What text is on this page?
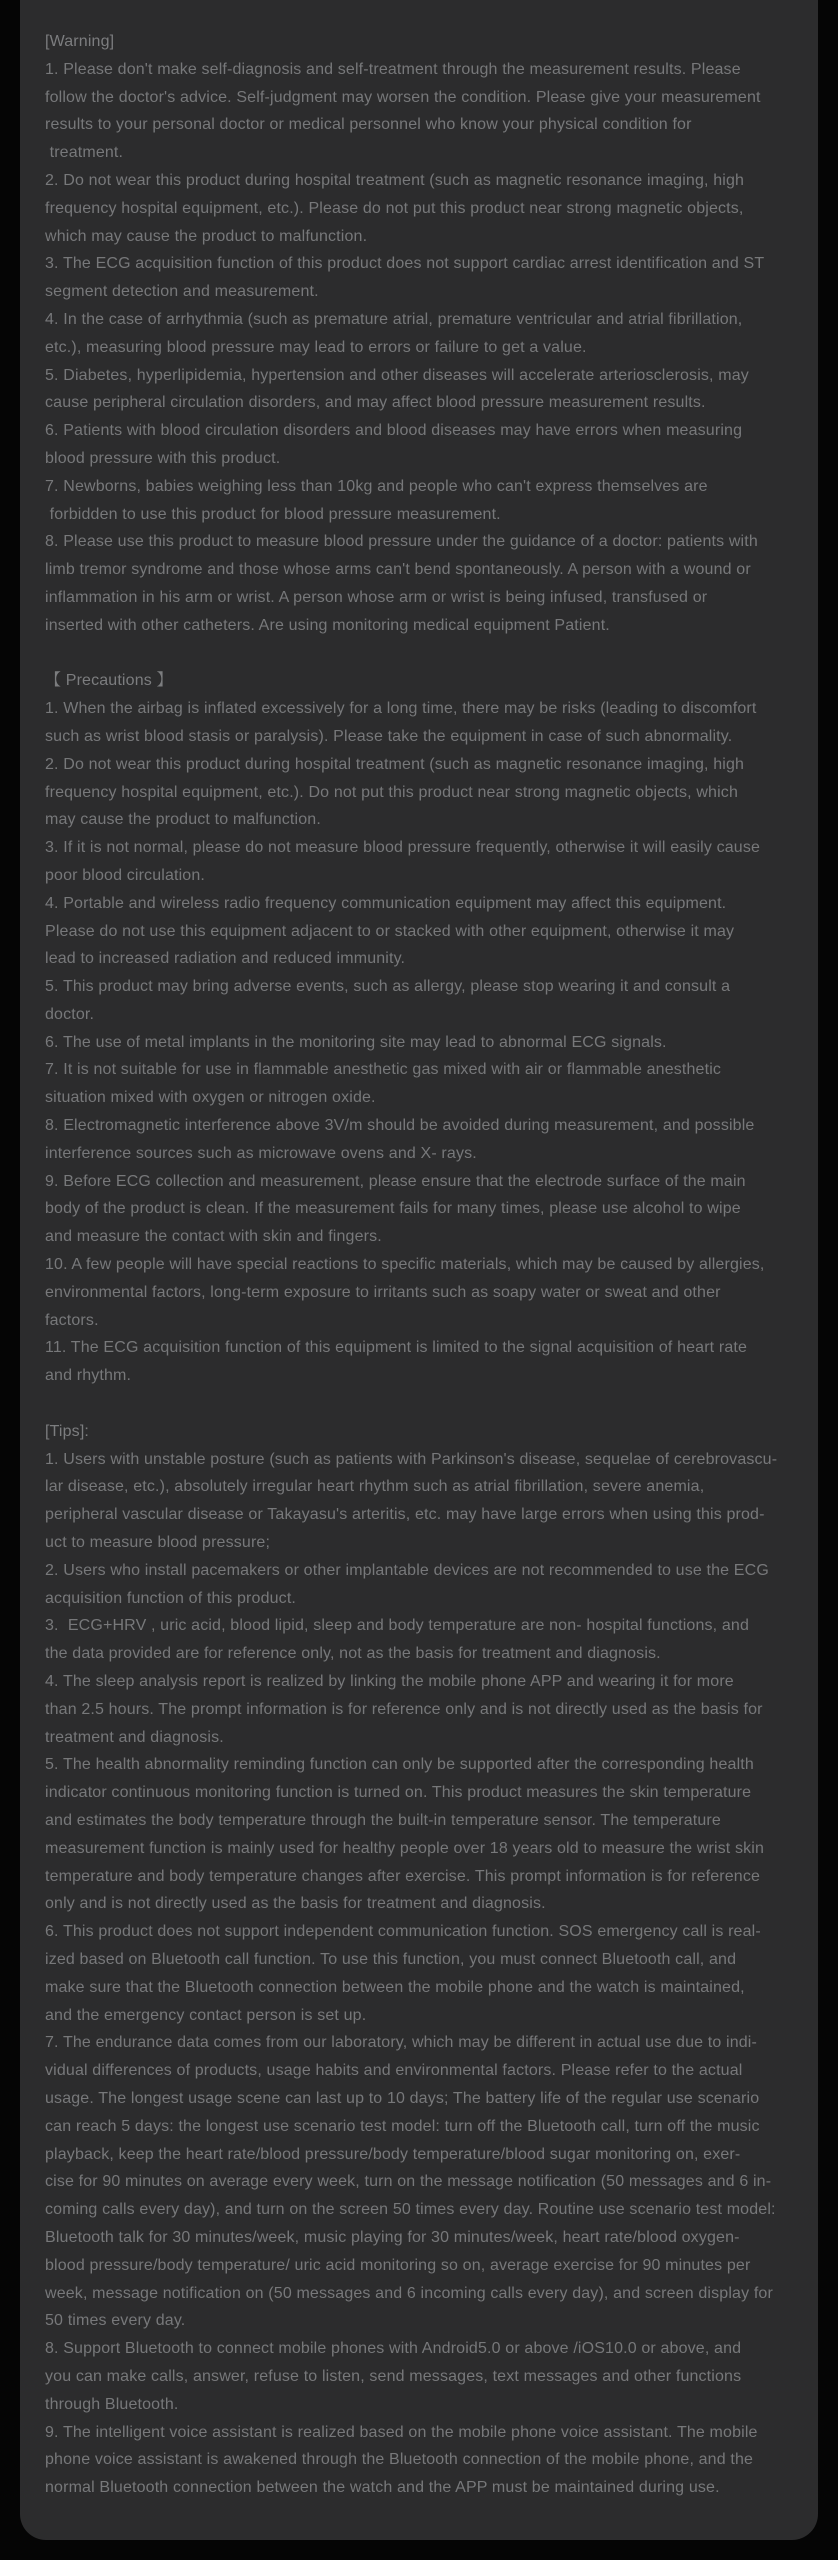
[Warning]
1. Please don't make self-diagnosis and self-treatment through the measurement results. Please
follow the doctor's advice. Self-judgment may worsen the condition. Please give your measurement
results to your personal doctor or medical personnel who know your physical condition for
treatment.
2. Do not wear this product during hospital treatment (such as magnetic resonance imaging, high
frequency hospital equipment, etc.). Please do not put this product near strong magnetic objects,
which may cause the product to malfunction.
3. The ECG acquisition function of this product does not support cardiac arrest identification and ST
segment detection and measurement.
4. In the case of arrhythmia (such as premature atrial, premature ventricular and atrial fibrillation,
etc.), measuring blood pressure may lead to errors or failure to get a value.
5. Diabetes, hyperlipidemia, hypertension and other diseases will accelerate arteriosclerosis, may
cause peripheral circulation disorders, and may affect blood pressure measurement results.
6. Patients with blood circulation disorders and blood diseases may have errors when measuring
blood pressure with this product.
7. Newborns, babies weighing less than 10kg and people who can't express themselves are
forbidden to use this product for blood pressure measurement.
8. Please use this product to measure blood pressure under the guidance of a doctor: patients with
limb tremor syndrome and those whose arms can't bend spontaneously. A person with a wound or
inflammation in his arm or wrist. A person whose arm or wrist is being infused, transfused or
inserted with other catheters. Are using monitoring medical equipment Patient.
【 Precautions 】
1. When the airbag is inflated excessively for a long time, there may be risks (leading to discomfort
such as wrist blood stasis or paralysis). Please take the equipment in case of such abnormality.
2. Do not wear this product during hospital treatment (such as magnetic resonance imaging, high
frequency hospital equipment, etc.). Do not put this product near strong magnetic objects, which
may cause the product to malfunction.
3. If it is not normal, please do not measure blood pressure frequently, otherwise it will easily cause
poor blood circulation.
4. Portable and wireless radio frequency communication equipment may affect this equipment.
Please do not use this equipment adjacent to or stacked with other equipment, otherwise it may
lead to increased radiation and reduced immunity.
5. This product may bring adverse events, such as allergy, please stop wearing it and consult a
doctor.
6. The use of metal implants in the monitoring site may lead to abnormal ECG signals.
7. It is not suitable for use in flammable anesthetic gas mixed with air or flammable anesthetic
situation mixed with oxygen or nitrogen oxide.
8. Electromagnetic interference above 3V/m should be avoided during measurement, and possible
interference sources such as microwave ovens and X- rays.
9. Before ECG collection and measurement, please ensure that the electrode surface of the main
body of the product is clean. If the measurement fails for many times, please use alcohol to wipe
and measure the contact with skin and fingers.
10. A few people will have special reactions to specific materials, which may be caused by allergies,
environmental factors, long-term exposure to irritants such as soapy water or sweat and other
factors.
11. The ECG acquisition function of this equipment is limited to the signal acquisition of heart rate
and rhythm.
[Tips]:
1. Users with unstable posture (such as patients with Parkinson's disease, sequelae of cerebrovascu-
lar disease, etc.), absolutely irregular heart rhythm such as atrial fibrillation, severe anemia,
peripheral vascular disease or Takayasu's arteritis, etc. may have large errors when using this prod-
uct to measure blood pressure;
2. Users who install pacemakers or other implantable devices are not recommended to use the ECG
acquisition function of this product.
3.  ECG+HRV , uric acid, blood lipid, sleep and body temperature are non- hospital functions, and
the data provided are for reference only, not as the basis for treatment and diagnosis.
4. The sleep analysis report is realized by linking the mobile phone APP and wearing it for more
than 2.5 hours. The prompt information is for reference only and is not directly used as the basis for
treatment and diagnosis.
5. The health abnormality reminding function can only be supported after the corresponding health
indicator continuous monitoring function is turned on. This product measures the skin temperature
and estimates the body temperature through the built-in temperature sensor. The temperature
measurement function is mainly used for healthy people over 18 years old to measure the wrist skin
temperature and body temperature changes after exercise. This prompt information is for reference
only and is not directly used as the basis for treatment and diagnosis.
6. This product does not support independent communication function. SOS emergency call is real-
ized based on Bluetooth call function. To use this function, you must connect Bluetooth call, and
make sure that the Bluetooth connection between the mobile phone and the watch is maintained,
and the emergency contact person is set up.
7. The endurance data comes from our laboratory, which may be different in actual use due to indi-
vidual differences of products, usage habits and environmental factors. Please refer to the actual
usage. The longest usage scene can last up to 10 days; The battery life of the regular use scenario
can reach 5 days: the longest use scenario test model: turn off the Bluetooth call, turn off the music
playback, keep the heart rate/blood pressure/body temperature/blood sugar monitoring on, exer-
cise for 90 minutes on average every week, turn on the message notification (50 messages and 6 in-
coming calls every day), and turn on the screen 50 times every day. Routine use scenario test model:
Bluetooth talk for 30 minutes/week, music playing for 30 minutes/week, heart rate/blood oxygen-
blood pressure/body temperature/ uric acid monitoring so on, average exercise for 90 minutes per
week, message notification on (50 messages and 6 incoming calls every day), and screen display for
50 times every day.
8. Support Bluetooth to connect mobile phones with Android5.0 or above /iOS10.0 or above, and
you can make calls, answer, refuse to listen, send messages, text messages and other functions
through Bluetooth.
9. The intelligent voice assistant is realized based on the mobile phone voice assistant. The mobile
phone voice assistant is awakened through the Bluetooth connection of the mobile phone, and the
normal Bluetooth connection between the watch and the APP must be maintained during use.
